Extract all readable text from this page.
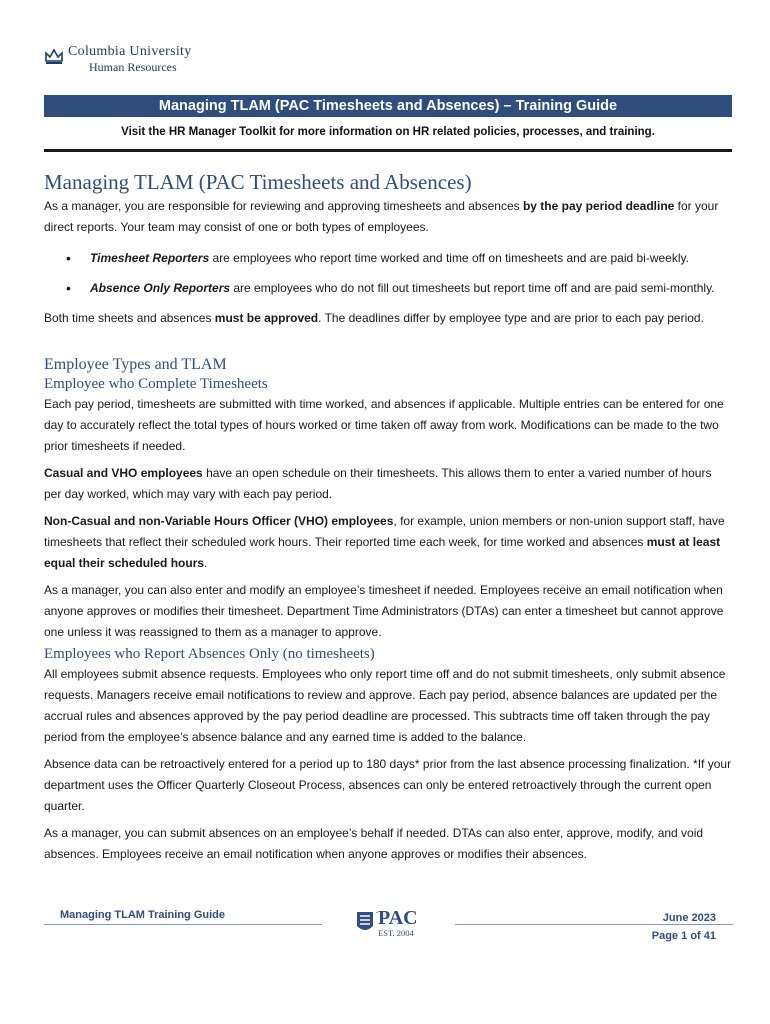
Columbia University
Human Resources
Managing TLAM (PAC Timesheets and Absences) – Training Guide
Visit the HR Manager Toolkit for more information on HR related policies, processes, and training.
Managing TLAM (PAC Timesheets and Absences)

As a manager, you are responsible for reviewing and approving timesheets and absences by the pay period deadline for your direct reports. Your team may consist of one or both types of employees.

• Timesheet Reporters are employees who report time worked and time off on timesheets and are paid bi-weekly.
• Absence Only Reporters are employees who do not fill out timesheets but report time off and are paid semi-monthly.

Both time sheets and absences must be approved. The deadlines differ by employee type and are prior to each pay period.

Employee Types and TLAM
Employee who Complete Timesheets

Each pay period, timesheets are submitted with time worked, and absences if applicable. Multiple entries can be entered for one day to accurately reflect the total types of hours worked or time taken off away from work. Modifications can be made to the two prior timesheets if needed.

Casual and VHO employees have an open schedule on their timesheets. This allows them to enter a varied number of hours per day worked, which may vary with each pay period.

Non-Casual and non-Variable Hours Officer (VHO) employees, for example, union members or non-union support staff, have timesheets that reflect their scheduled work hours. Their reported time each week, for time worked and absences must at least equal their scheduled hours.

As a manager, you can also enter and modify an employee’s timesheet if needed. Employees receive an email notification when anyone approves or modifies their timesheet. Department Time Administrators (DTAs) can enter a timesheet but cannot approve one unless it was reassigned to them as a manager to approve.

Employees who Report Absences Only (no timesheets)

All employees submit absence requests. Employees who only report time off and do not submit timesheets, only submit absence requests. Managers receive email notifications to review and approve. Each pay period, absence balances are updated per the accrual rules and absences approved by the pay period deadline are processed. This subtracts time off taken through the pay period from the employee’s absence balance and any earned time is added to the balance.

Absence data can be retroactively entered for a period up to 180 days* prior from the last absence processing finalization. *If your department uses the Officer Quarterly Closeout Process, absences can only be entered retroactively through the current open quarter.

As a manager, you can submit absences on an employee’s behalf if needed. DTAs can also enter, approve, modify, and void absences. Employees receive an email notification when anyone approves or modifies their absences.

Managing TLAM Training Guide	PAC
EST. 2004
June 2023
Page 1 of 41
